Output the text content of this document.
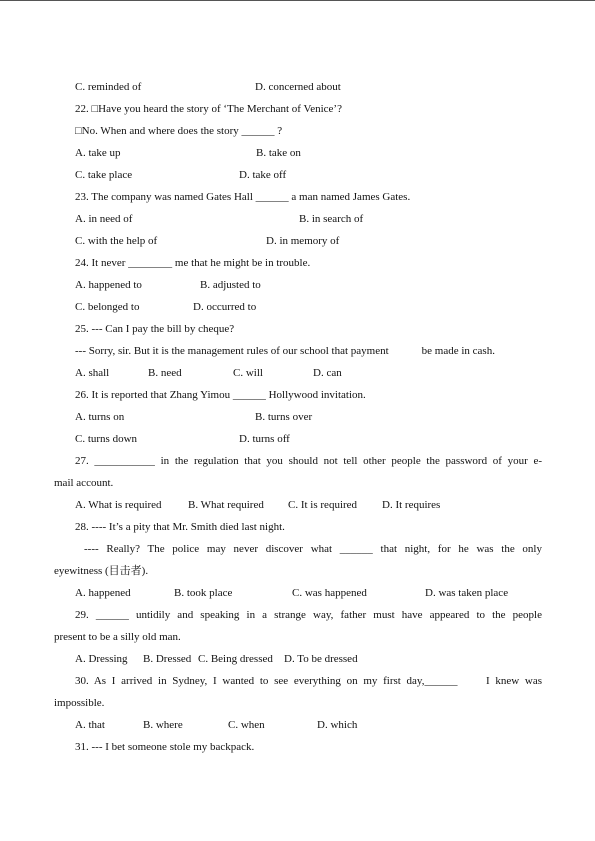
C. reminded of	D. concerned about
22. □Have you heard the story of ‘The Merchant of Venice’?
□No. When and where does the story ______ ?
A. take up	B. take on
C. take place	D. take off
23. The company was named Gates Hall ______ a man named James Gates.
A. in need of	B. in search of
C. with the help of	D. in memory of
24. It never ________ me that he might be in trouble.
A. happened to	B. adjusted to
C. belonged to	D. occurred to
25. --- Can I pay the bill by cheque?
--- Sorry, sir. But it is the management rules of our school that payment            be made in cash.
A. shall	B. need	C. will	D. can
26. It is reported that Zhang Yimou ______ Hollywood invitation.
A. turns on	B. turns over
C. turns down	D. turns off
27. ___________ in the regulation that you should not tell other people the password of your e-
mail account.
A. What is required B. What required C. It is required D. It requires
28. ---- It’s a pity that Mr. Smith died last night.
---- Really? The police may never discover what ______ that night, for he was the only
eyewitness (目击者).
A. happened	B. took place	C. was happened	D. was taken place
29. ______ untidily and speaking in a strange way, father must have appeared to the people
present to be a silly old man.
A. Dressing B. Dressed C. Being dressed D. To be dressed
30. As I arrived in Sydney, I wanted to see everything on my first day,______     I knew was
impossible.
A. that	B. where	C. when	D. which
31. --- I bet someone stole my backpack.
